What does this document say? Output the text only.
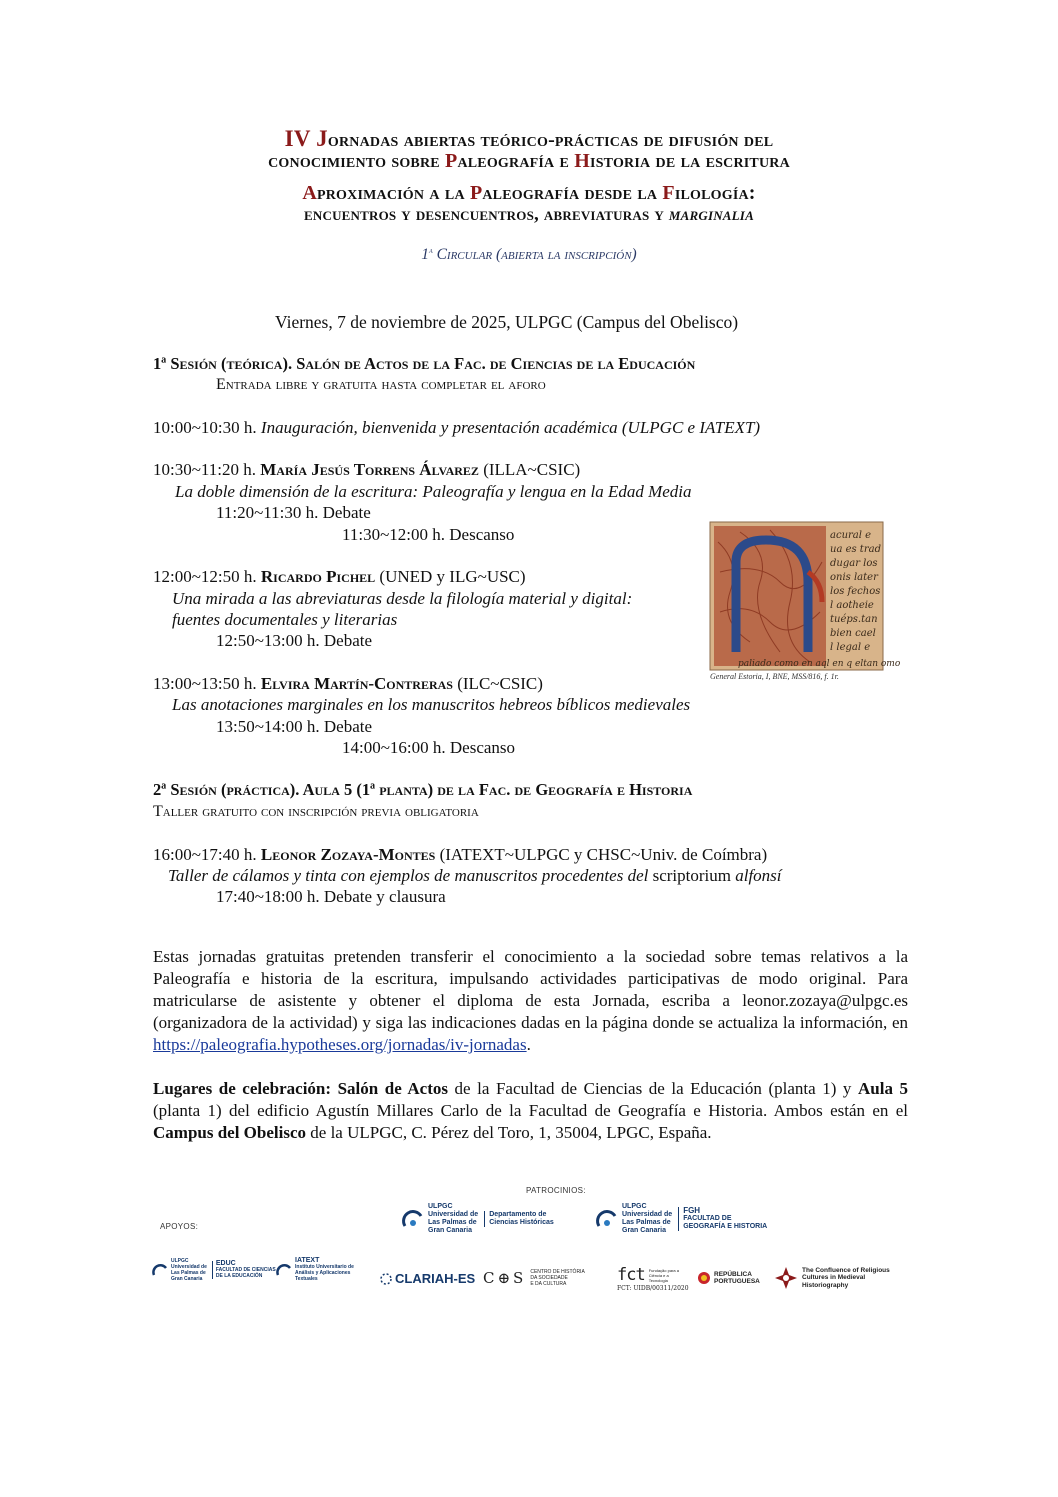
IV Jornadas abiertas teórico-prácticas de difusión del
conocimiento sobre Paleografía e Historia de la escritura
Aproximación a la Paleografía desde la Filología:
encuentros y desencuentros, abreviaturas y marginalia
1$^a$ Circular (abierta la inscripción)
Viernes, 7 de noviembre de 2025, ULPGC (Campus del Obelisco)
1ª Sesión (teórica). Salón de Actos de la Fac. de Ciencias de la Educación
Entrada libre y gratuita hasta completar el aforo
10:00~10:30 h. Inauguración, bienvenida y presentación académica (ULPGC e IATEXT)
10:30~11:20 h. María Jesús Torrens Álvarez (ILLA~CSIC)
La doble dimensión de la escritura: Paleografía y lengua en la Edad Media
11:20~11:30 h. Debate
11:30~12:00 h. Descanso
12:00~12:50 h. Ricardo Pichel (UNED y ILG~USC)
Una mirada a las abreviaturas desde la filología material y digital:
fuentes documentales y literarias
12:50~13:00 h. Debate
13:00~13:50 h. Elvira Martín-Contreras (ILC~CSIC)
Las anotaciones marginales en los manuscritos hebreos bíblicos medievales
13:50~14:00 h. Debate
14:00~16:00 h. Descanso
2ª Sesión (práctica). Aula 5 (1ª planta) de la Fac. de Geografía e Historia
Taller gratuito con inscripción previa obligatoria
16:00~17:40 h. Leonor Zozaya-Montes (IATEXT~ULPGC y CHSC~Univ. de Coímbra)
Taller de cálamos y tinta con ejemplos de manuscritos procedentes del scriptorium alfonsí
17:40~18:00 h. Debate y clausura
acural e
ua es trad
dugar los
onis later
los fechos
l aotheie
tuéps.tan
bien cael
l legal e
paliado como en aql en q eltan omo
General Estoria, I, BNE, MSS/816, f. 1r.
Estas jornadas gratuitas pretenden transferir el conocimiento a la sociedad sobre temas relativos a la Paleografía e historia de la escritura, impulsando actividades participativas de modo original. Para matricularse de asistente y obtener el diploma de esta Jornada, escriba a leonor.zozaya@ulpgc.es (organizadora de la actividad) y siga las indicaciones dadas en la página donde se actualiza la información, en https://paleografia.hypotheses.org/jornadas/iv-jornadas.
Lugares de celebración: Salón de Actos de la Facultad de Ciencias de la Educación (planta 1) y Aula 5 (planta 1) del edificio Agustín Millares Carlo de la Facultad de Geografía e Historia. Ambos están en el Campus del Obelisco de la ULPGC, C. Pérez del Toro, 1, 35004, LPGC, España.
PATROCINIOS:
APOYOS:
ULPGC
Universidad de
Las Palmas de
Gran Canaria
Departamento de
Ciencias Históricas
ULPGC
Universidad de
Las Palmas de
Gran Canaria
FGH
FACULTAD DE
GEOGRAFÍA E HISTORIA
ULPGC
Universidad de
Las Palmas de
Gran Canaria
EDUC
FACULTAD DE CIENCIAS DE LA EDUCACIÓN
IATEXT
Instituto Universitario de Análisis y Aplicaciones Textuales	CLARIAH-ES C⊕S CENTRO DE HISTÓRIA
DA SOCIEDADE
E DA CULTURA	fct Fundação para a Ciência e a Tecnologia
FCT: UIDB/00311/2020
REPÚBLICA
PORTUGUESA
The Confluence of Religious
Cultures in Medieval
Historiography
